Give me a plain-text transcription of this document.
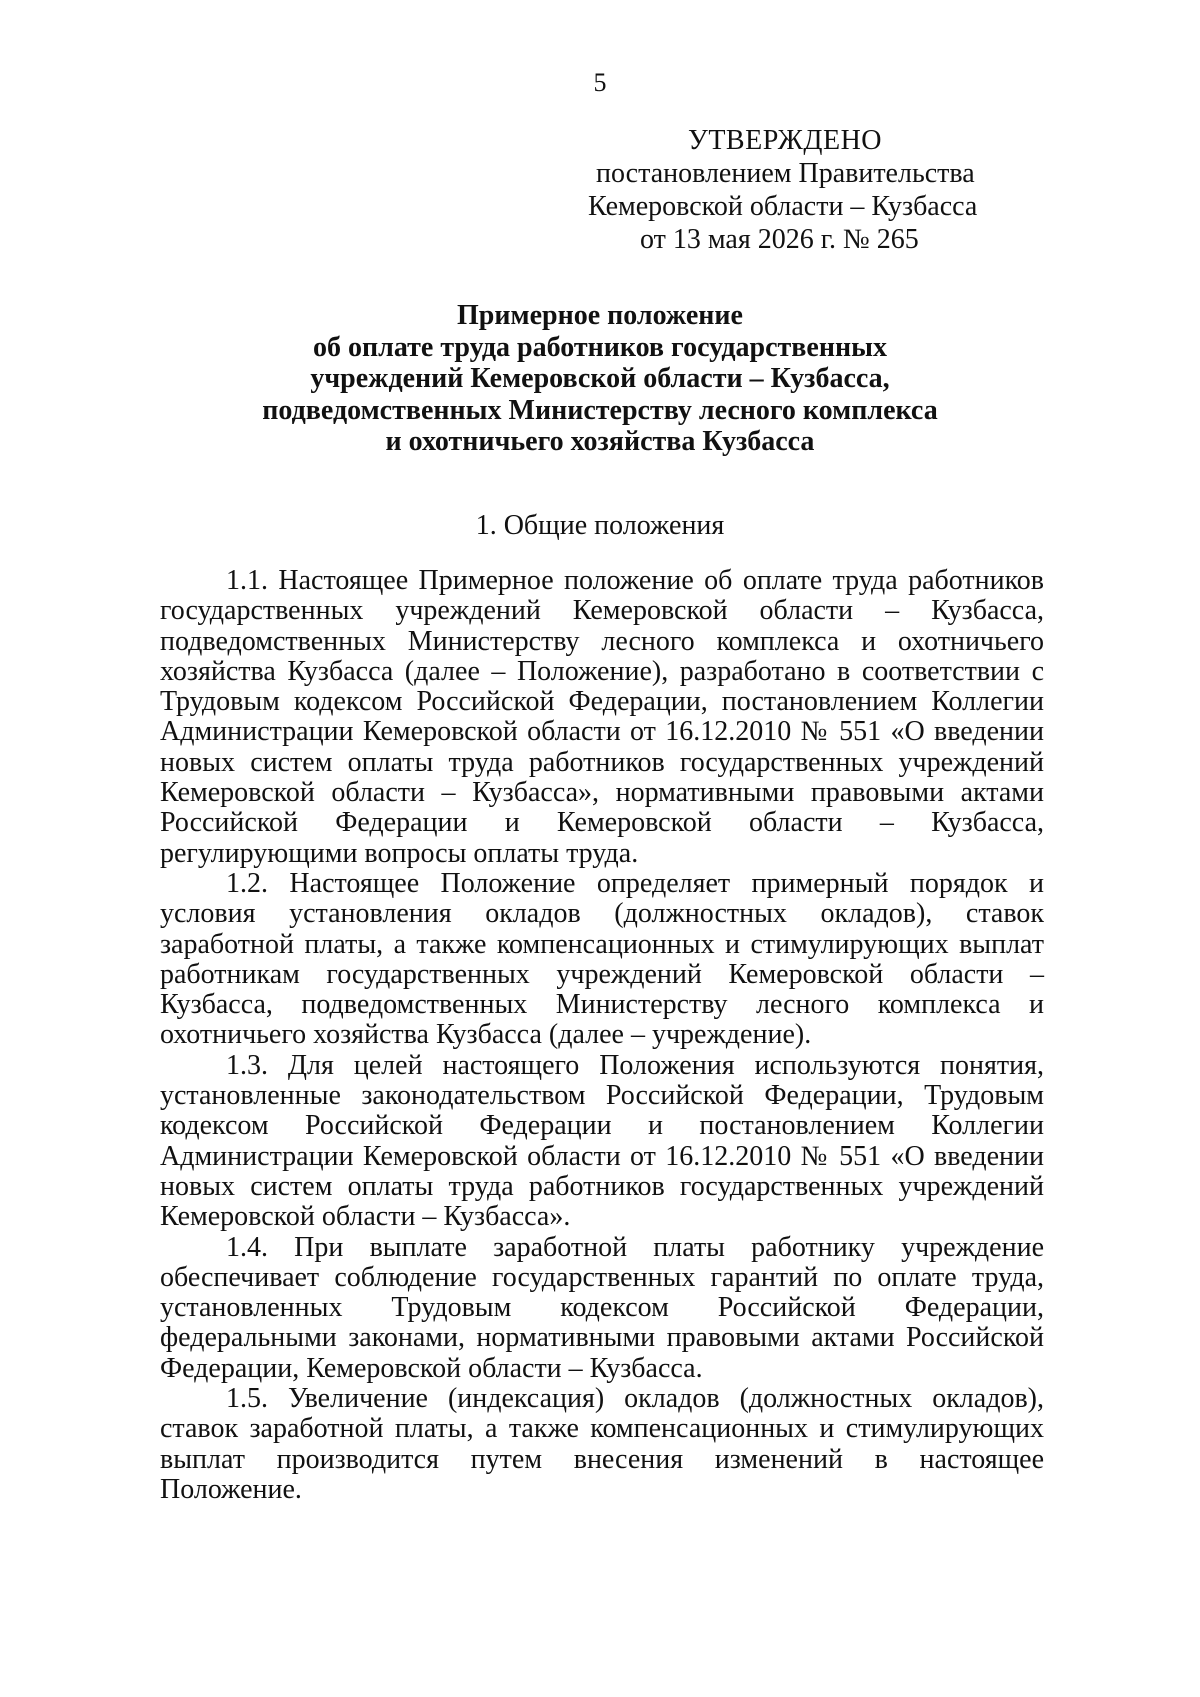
5
УТВЕРЖДЕНО
постановлением Правительства
Кемеровской области – Кузбасса
от 13 мая 2026 г. № 265
Примерное положение
об оплате труда работников государственных
учреждений Кемеровской области – Кузбасса,
подведомственных Министерству лесного комплекса
и охотничьего хозяйства Кузбасса
1. Общие положения

1.1. Настоящее Примерное положение об оплате труда работников государственных учреждений Кемеровской области – Кузбасса, подведомственных Министерству лесного комплекса и охотничьего хозяйства Кузбасса (далее – Положение), разработано в соответствии с Трудовым кодексом Российской Федерации, постановлением Коллегии Администрации Кемеровской области от 16.12.2010 № 551 «О введении новых систем оплаты труда работников государственных учреждений Кемеровской области – Кузбасса», нормативными правовыми актами Российской Федерации и Кемеровской области – Кузбасса, регулирующими вопросы оплаты труда.

1.2. Настоящее Положение определяет примерный порядок и условия установления окладов (должностных окладов), ставок заработной платы, а также компенсационных и стимулирующих выплат работникам государственных учреждений Кемеровской области – Кузбасса, подведомственных Министерству лесного комплекса и охотничьего хозяйства Кузбасса (далее – учреждение).

1.3. Для целей настоящего Положения используются понятия, установленные законодательством Российской Федерации, Трудовым кодексом Российской Федерации и постановлением Коллегии Администрации Кемеровской области от 16.12.2010 № 551 «О введении новых систем оплаты труда работников государственных учреждений Кемеровской области – Кузбасса».

1.4. При выплате заработной платы работнику учреждение обеспечивает соблюдение государственных гарантий по оплате труда, установленных Трудовым кодексом Российской Федерации, федеральными законами, нормативными правовыми актами Российской Федерации, Кемеровской области – Кузбасса.

1.5. Увеличение (индексация) окладов (должностных окладов), ставок заработной платы, а также компенсационных и стимулирующих выплат производится путем внесения изменений в настоящее Положение.
